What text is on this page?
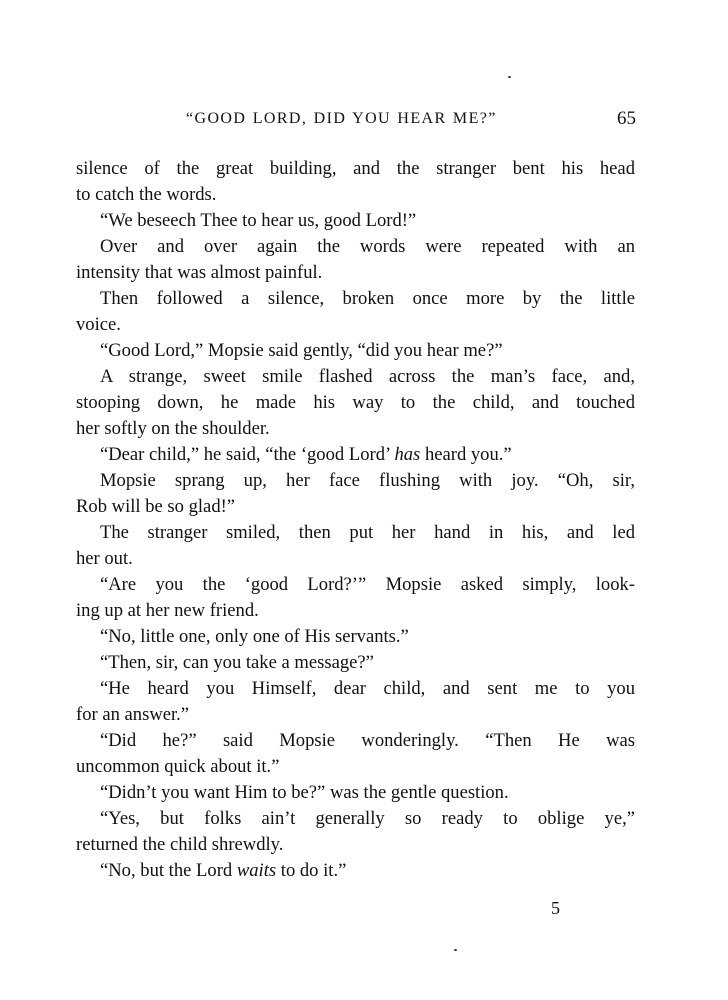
“GOOD LORD, DID YOU HEAR ME?”	65
silence of the great building, and the stranger bent his head
to catch the words.
“We beseech Thee to hear us, good Lord!”
Over and over again the words were repeated with an
intensity that was almost painful.
Then followed a silence, broken once more by the little
voice.
“Good Lord,” Mopsie said gently, “did you hear me?”
A strange, sweet smile flashed across the man’s face, and,
stooping down, he made his way to the child, and touched
her softly on the shoulder.
“Dear child,” he said, “the ‘good Lord’ has heard you.”
Mopsie sprang up, her face flushing with joy. “Oh, sir,
Rob will be so glad!”
The stranger smiled, then put her hand in his, and led
her out.
“Are you the ‘good Lord?’” Mopsie asked simply, look-
ing up at her new friend.
“No, little one, only one of His servants.”
“Then, sir, can you take a message?”
“He heard you Himself, dear child, and sent me to you
for an answer.”
“Did he?” said Mopsie wonderingly. “Then He was
uncommon quick about it.”
“Didn’t you want Him to be?” was the gentle question.
“Yes, but folks ain’t generally so ready to oblige ye,”
returned the child shrewdly.
“No, but the Lord waits to do it.”
5
